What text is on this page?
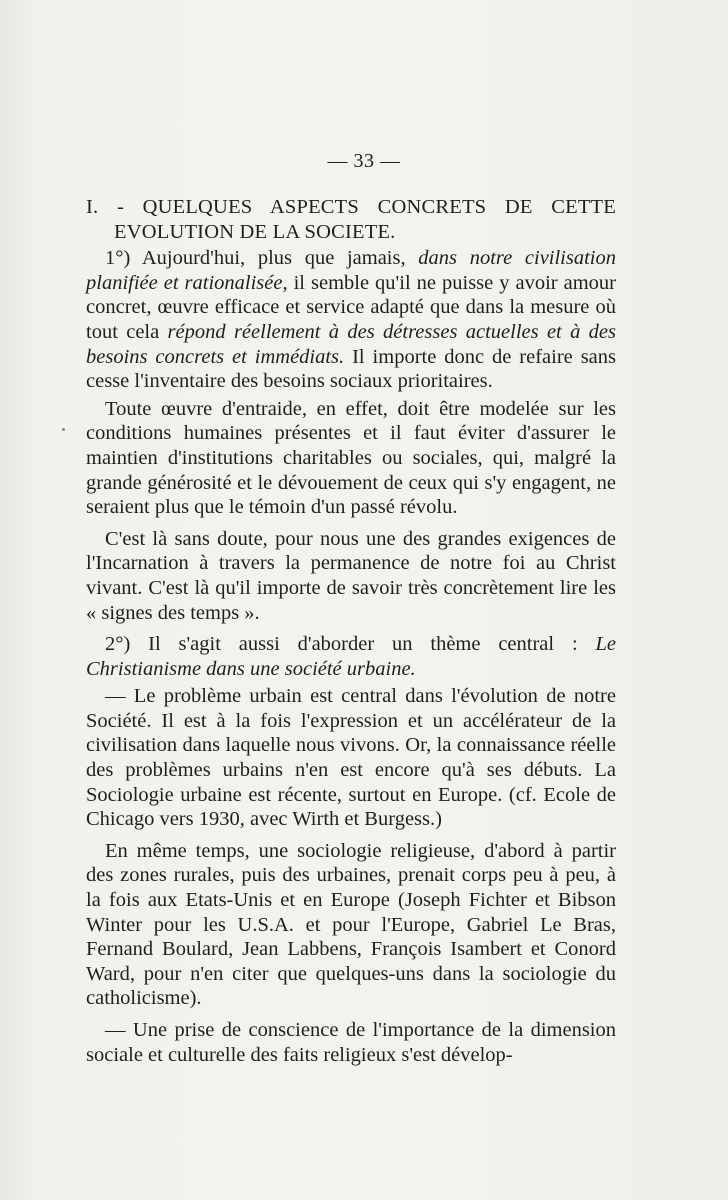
— 33 —

I. - QUELQUES ASPECTS CONCRETS DE CETTE EVOLUTION DE LA SOCIETE.

1°) Aujourd'hui, plus que jamais, dans notre civilisation planifiée et rationalisée, il semble qu'il ne puisse y avoir amour concret, œuvre efficace et service adapté que dans la mesure où tout cela répond réellement à des détresses actuelles et à des besoins concrets et immédiats. Il importe donc de refaire sans cesse l'inventaire des besoins sociaux prioritaires.

Toute œuvre d'entraide, en effet, doit être modelée sur les conditions humaines présentes et il faut éviter d'assurer le maintien d'institutions charitables ou sociales, qui, malgré la grande générosité et le dévouement de ceux qui s'y engagent, ne seraient plus que le témoin d'un passé révolu.

C'est là sans doute, pour nous une des grandes exigences de l'Incarnation à travers la permanence de notre foi au Christ vivant. C'est là qu'il importe de savoir très concrètement lire les « signes des temps ».

2°) Il s'agit aussi d'aborder un thème central : Le Christianisme dans une société urbaine.

— Le problème urbain est central dans l'évolution de notre Société. Il est à la fois l'expression et un accélérateur de la civilisation dans laquelle nous vivons. Or, la connaissance réelle des problèmes urbains n'en est encore qu'à ses débuts. La Sociologie urbaine est récente, surtout en Europe. (cf. Ecole de Chicago vers 1930, avec Wirth et Burgess.)

En même temps, une sociologie religieuse, d'abord à partir des zones rurales, puis des urbaines, prenait corps peu à peu, à la fois aux Etats-Unis et en Europe (Joseph Fichter et Bibson Winter pour les U.S.A. et pour l'Europe, Gabriel Le Bras, Fernand Boulard, Jean Labbens, François Isambert et Conord Ward, pour n'en citer que quelques-uns dans la sociologie du catholicisme).

— Une prise de conscience de l'importance de la dimension sociale et culturelle des faits religieux s'est dévelop-
